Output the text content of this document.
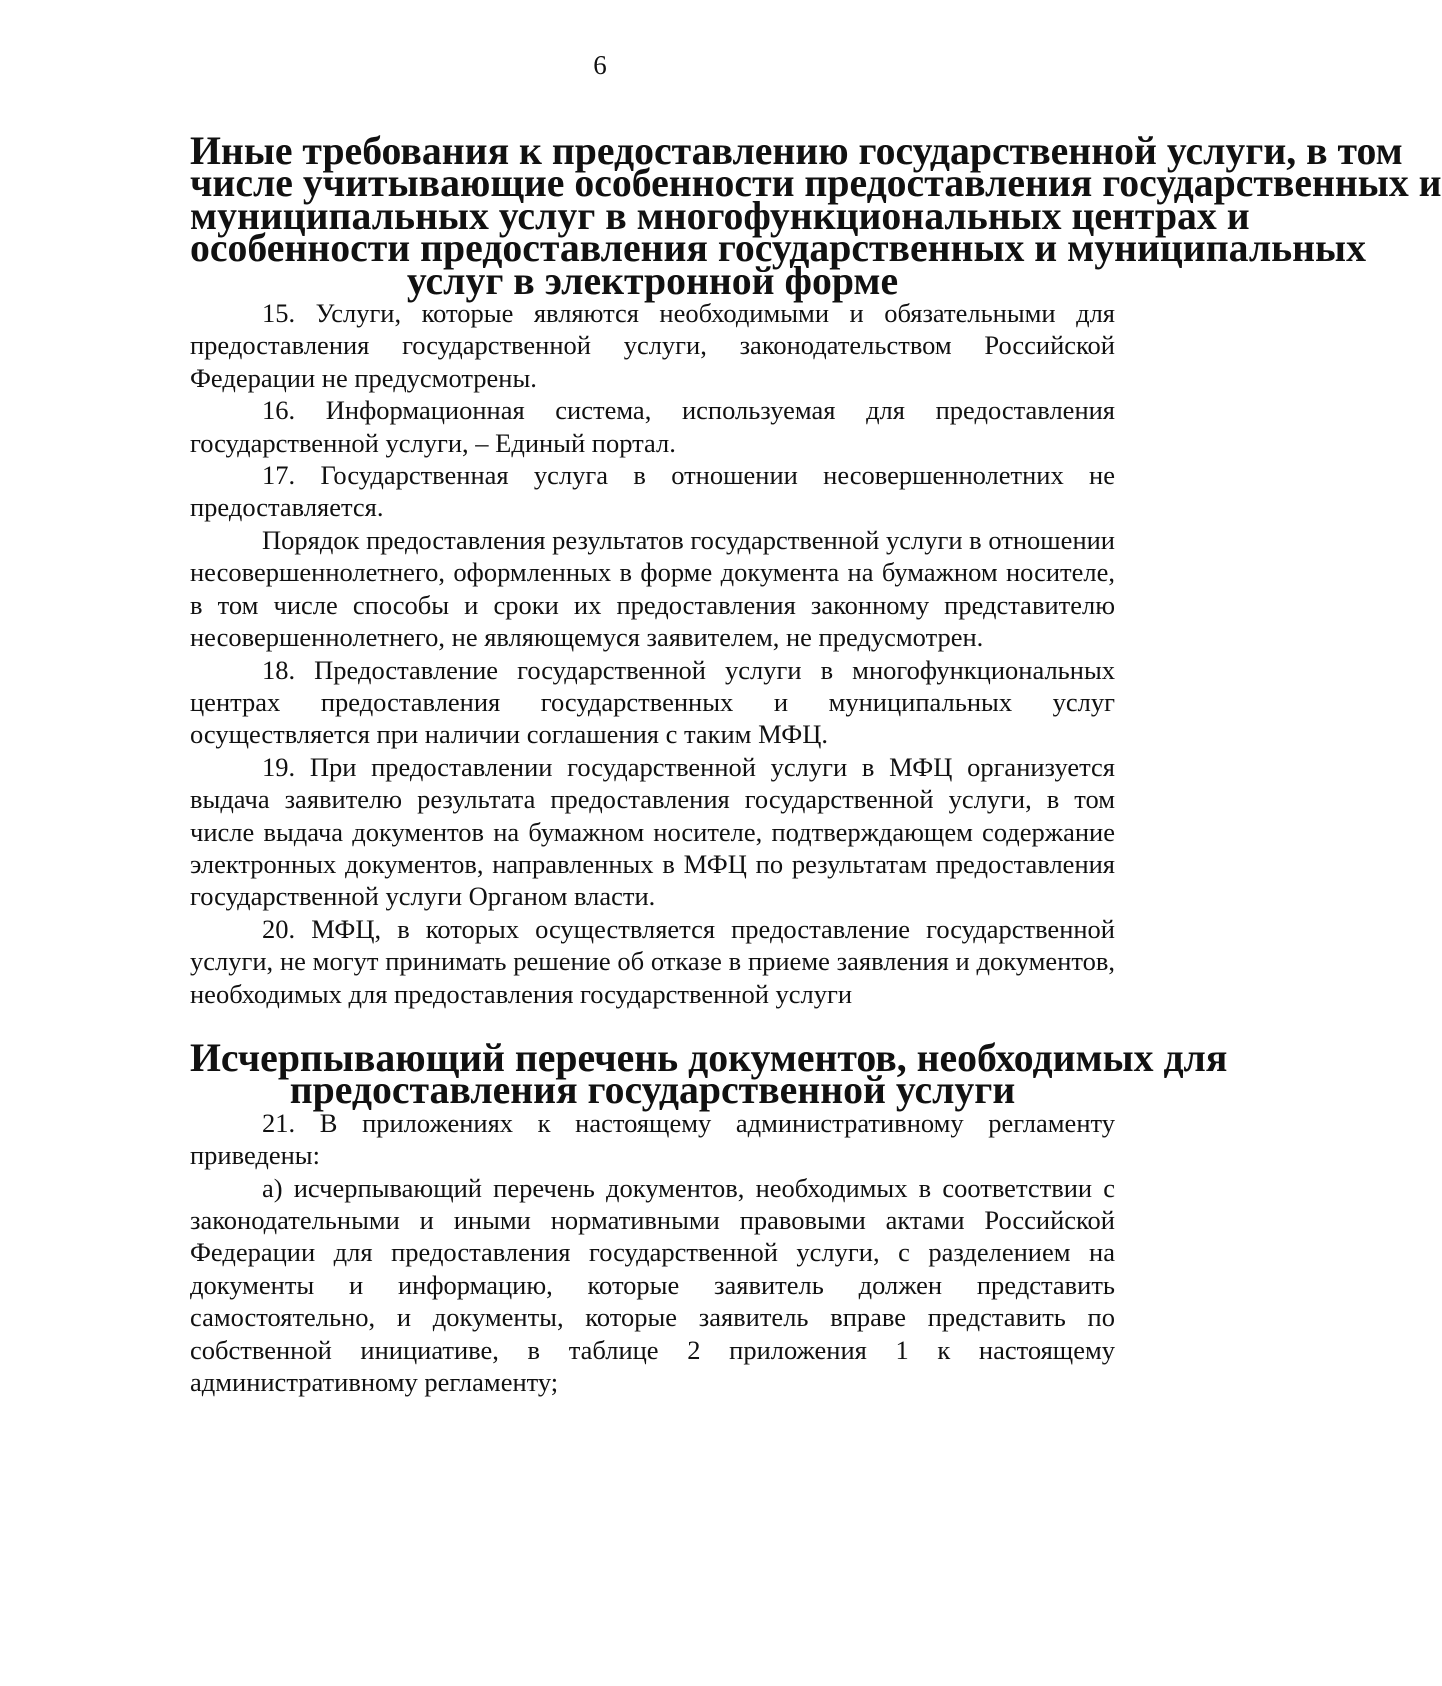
6
Иные требования к предоставлению государственной услуги, в том
числе учитывающие особенности предоставления государственных и
муниципальных услуг в многофункциональных центрах и
особенности предоставления государственных и муниципальных
услуг в электронной форме

15. Услуги, которые являются необходимыми и обязательными для предоставления государственной услуги, законодательством Российской Федерации не предусмотрены.

16. Информационная система, используемая для предоставления государственной услуги, – Единый портал.

17. Государственная услуга в отношении несовершеннолетних не предоставляется.

Порядок предоставления результатов государственной услуги в отношении несовершеннолетнего, оформленных в форме документа на бумажном носителе, в том числе способы и сроки их предоставления законному представителю несовершеннолетнего, не являющемуся заявителем, не предусмотрен.

18. Предоставление государственной услуги в многофункциональных центрах предоставления государственных и муниципальных услуг осуществляется при наличии соглашения с таким МФЦ.

19. При предоставлении государственной услуги в МФЦ организуется выдача заявителю результата предоставления государственной услуги, в том числе выдача документов на бумажном носителе, подтверждающем содержание электронных документов, направленных в МФЦ по результатам предоставления государственной услуги Органом власти.

20. МФЦ, в которых осуществляется предоставление государственной услуги, не могут принимать решение об отказе в приеме заявления и документов, необходимых для предоставления государственной услуги

Исчерпывающий перечень документов, необходимых для
предоставления государственной услуги

21. В приложениях к настоящему административному регламенту приведены:

а) исчерпывающий перечень документов, необходимых в соответствии с законодательными и иными нормативными правовыми актами Российской Федерации для предоставления государственной услуги, с разделением на документы и информацию, которые заявитель должен представить самостоятельно, и документы, которые заявитель вправе представить по собственной инициативе, в таблице 2 приложения 1 к настоящему административному регламенту;
